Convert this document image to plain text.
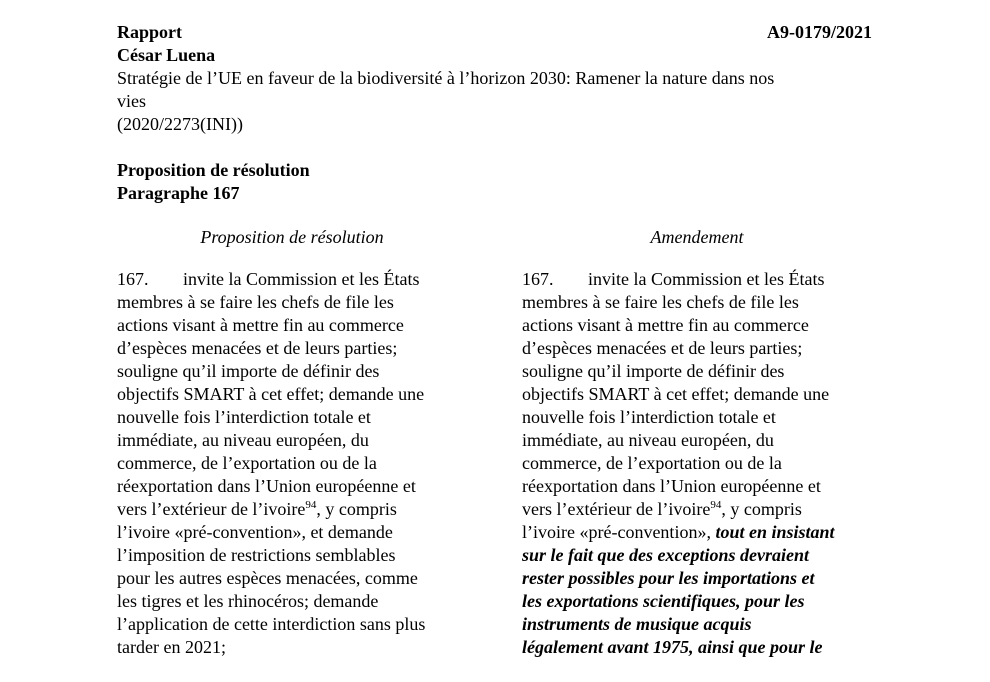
Rapport	A9-0179/2021
César Luena
Stratégie de l’UE en faveur de la biodiversité à l’horizon 2030: Ramener la nature dans nos
vies
(2020/2273(INI))
Proposition de résolution
Paragraphe 167
Proposition de résolution	Amendement
167. invite la Commission et les États
membres à se faire les chefs de file les
actions visant à mettre fin au commerce
d’espèces menacées et de leurs parties;
souligne qu’il importe de définir des
objectifs SMART à cet effet; demande une
nouvelle fois l’interdiction totale et
immédiate, au niveau européen, du
commerce, de l’exportation ou de la
réexportation dans l’Union européenne et
vers l’extérieur de l’ivoire$^{94}$, y compris
l’ivoire «pré-convention», et demande
l’imposition de restrictions semblables
pour les autres espèces menacées, comme
les tigres et les rhinocéros; demande
l’application de cette interdiction sans plus
tarder en 2021;
167. invite la Commission et les États
membres à se faire les chefs de file les
actions visant à mettre fin au commerce
d’espèces menacées et de leurs parties;
souligne qu’il importe de définir des
objectifs SMART à cet effet; demande une
nouvelle fois l’interdiction totale et
immédiate, au niveau européen, du
commerce, de l’exportation ou de la
réexportation dans l’Union européenne et
vers l’extérieur de l’ivoire$^{94}$, y compris
l’ivoire «pré-convention», tout en insistant
sur le fait que des exceptions devraient
rester possibles pour les importations et
les exportations scientifiques, pour les
instruments de musique acquis
légalement avant 1975, ainsi que pour le
